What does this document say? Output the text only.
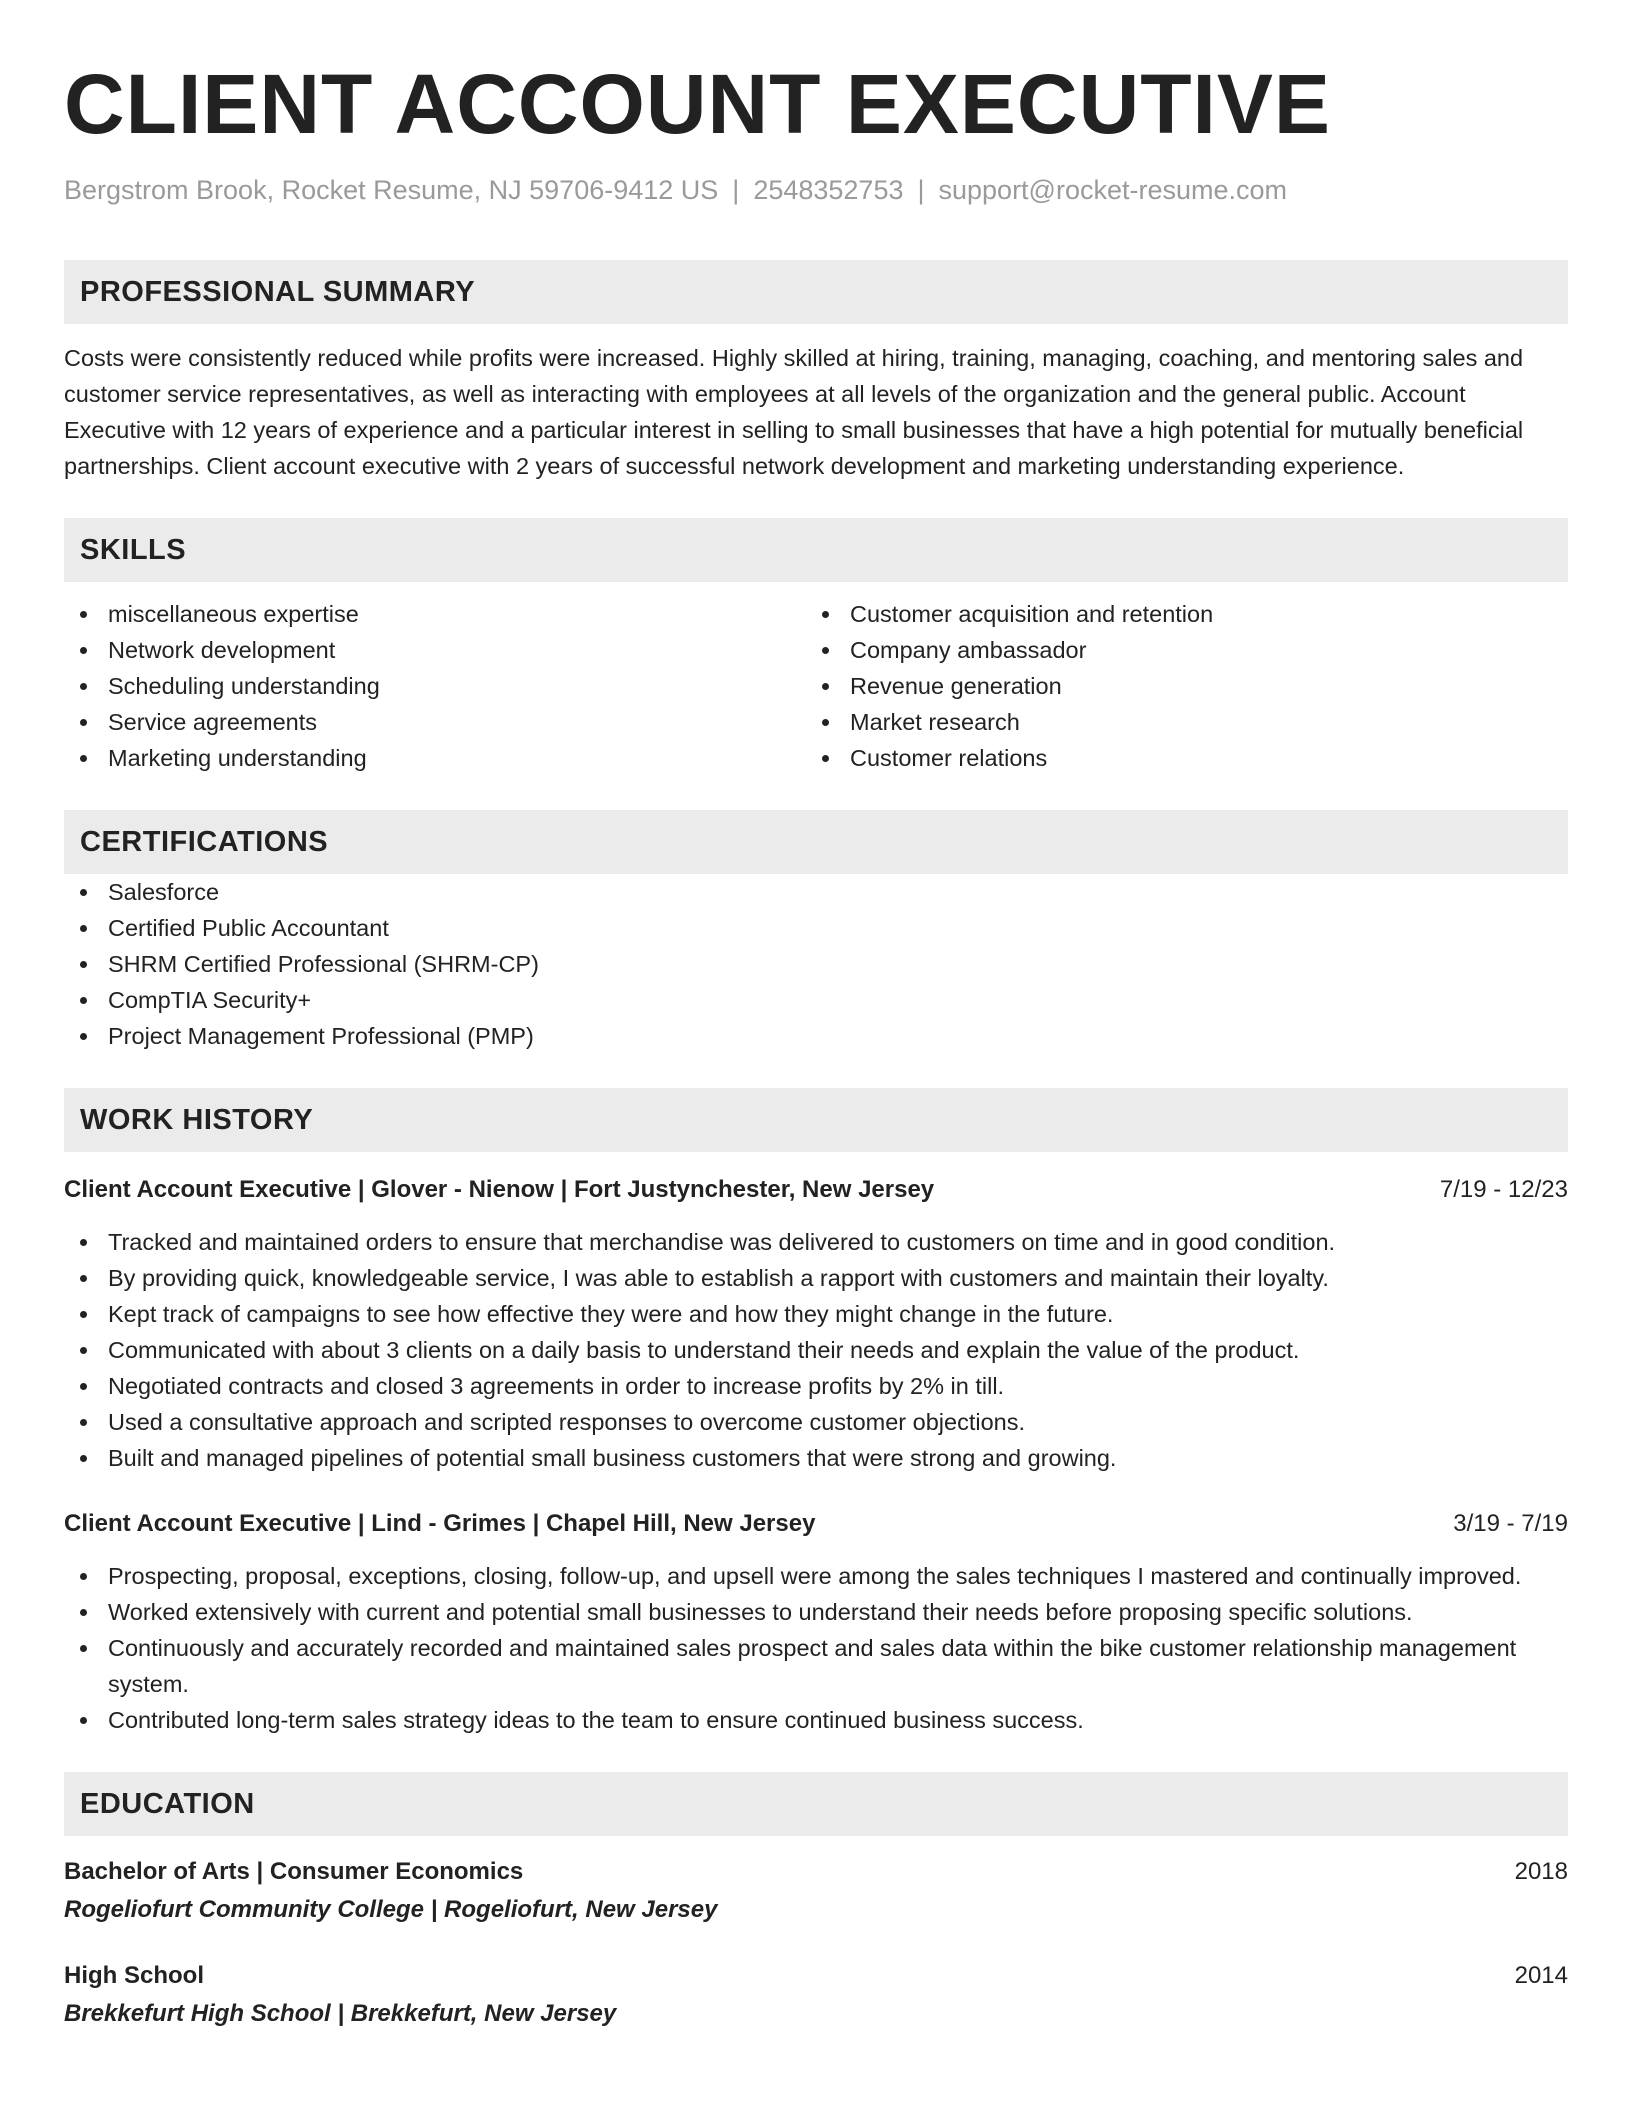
CLIENT ACCOUNT EXECUTIVE
Bergstrom Brook, Rocket Resume, NJ 59706-9412 US | 2548352753 | support@rocket-resume.com
PROFESSIONAL SUMMARY
Costs were consistently reduced while profits were increased. Highly skilled at hiring, training, managing, coaching, and mentoring sales and customer service representatives, as well as interacting with employees at all levels of the organization and the general public. Account Executive with 12 years of experience and a particular interest in selling to small businesses that have a high potential for mutually beneficial partnerships. Client account executive with 2 years of successful network development and marketing understanding experience.
SKILLS
miscellaneous expertise
Network development
Scheduling understanding
Service agreements
Marketing understanding
Customer acquisition and retention
Company ambassador
Revenue generation
Market research
Customer relations
CERTIFICATIONS
Salesforce
Certified Public Accountant
SHRM Certified Professional (SHRM-CP)
CompTIA Security+
Project Management Professional (PMP)
WORK HISTORY
Client Account Executive | Glover - Nienow | Fort Justynchester, New Jersey	7/19 - 12/23
Tracked and maintained orders to ensure that merchandise was delivered to customers on time and in good condition.
By providing quick, knowledgeable service, I was able to establish a rapport with customers and maintain their loyalty.
Kept track of campaigns to see how effective they were and how they might change in the future.
Communicated with about 3 clients on a daily basis to understand their needs and explain the value of the product.
Negotiated contracts and closed 3 agreements in order to increase profits by 2% in till.
Used a consultative approach and scripted responses to overcome customer objections.
Built and managed pipelines of potential small business customers that were strong and growing.
Client Account Executive | Lind - Grimes | Chapel Hill, New Jersey	3/19 - 7/19
Prospecting, proposal, exceptions, closing, follow-up, and upsell were among the sales techniques I mastered and continually improved.
Worked extensively with current and potential small businesses to understand their needs before proposing specific solutions.
Continuously and accurately recorded and maintained sales prospect and sales data within the bike customer relationship management system.
Contributed long-term sales strategy ideas to the team to ensure continued business success.
EDUCATION
Bachelor of Arts | Consumer Economics	2018
Rogeliofurt Community College | Rogeliofurt, New Jersey
High School	2014
Brekkefurt High School | Brekkefurt, New Jersey
